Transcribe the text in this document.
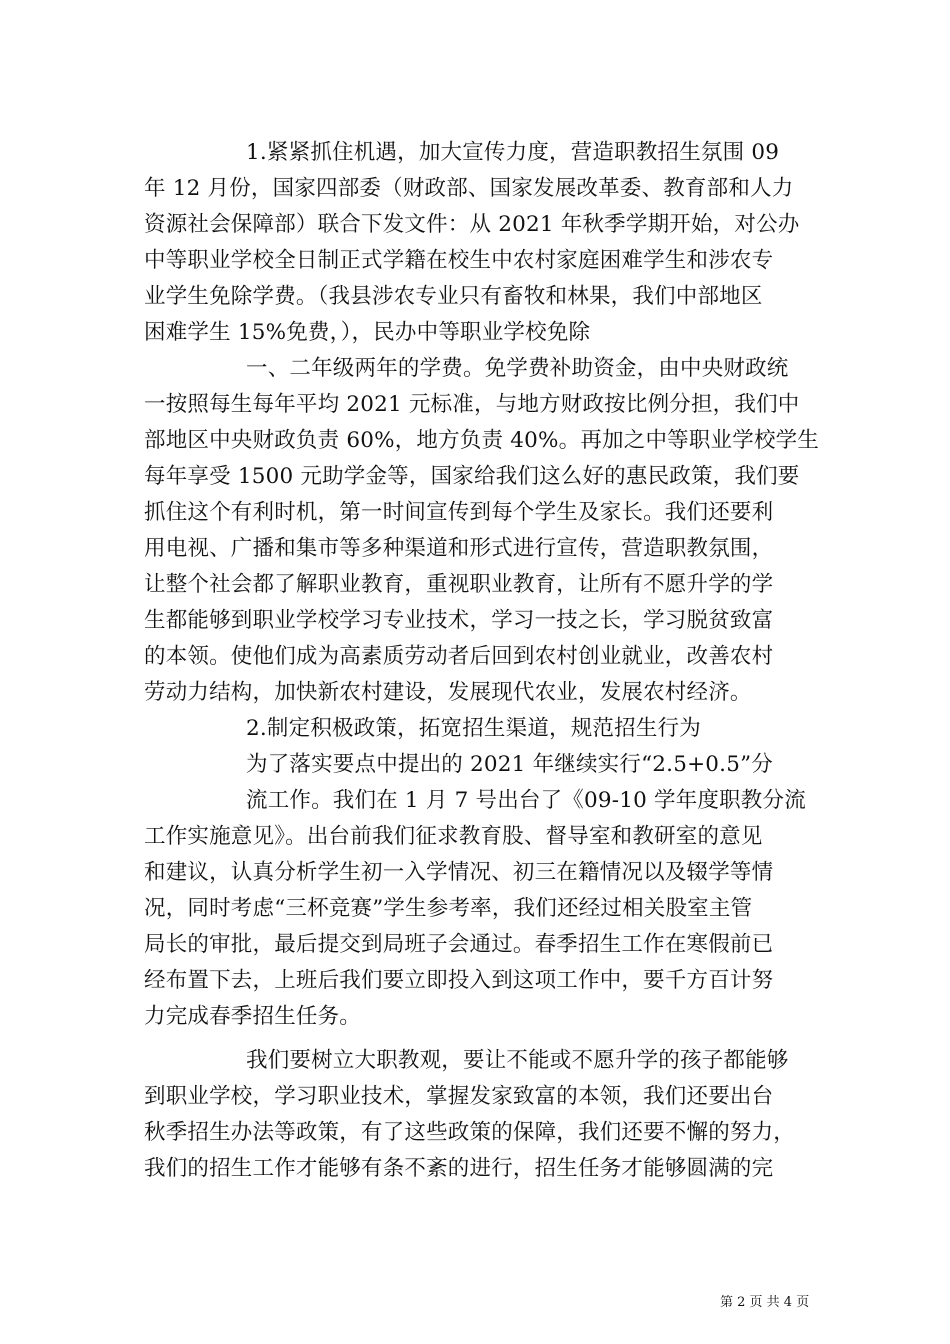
1.紧紧抓住机遇，加大宣传力度，营造职教招生氛围 09
年 12 月份，国家四部委（财政部、国家发展改革委、教育部和人力
资源社会保障部）联合下发文件：从 2021 年秋季学期开始，对公办
中等职业学校全日制正式学籍在校生中农村家庭困难学生和涉农专
业学生免除学费。（我县涉农专业只有畜牧和林果，我们中部地区
困难学生 15%免费，），民办中等职业学校免除
一、二年级两年的学费。免学费补助资金，由中央财政统
一按照每生每年平均 2021 元标准，与地方财政按比例分担，我们中
部地区中央财政负责 60%，地方负责 40%。再加之中等职业学校学生
每年享受 1500 元助学金等，国家给我们这么好的惠民政策，我们要
抓住这个有利时机，第一时间宣传到每个学生及家长。我们还要利
用电视、广播和集市等多种渠道和形式进行宣传，营造职教氛围，
让整个社会都了解职业教育，重视职业教育，让所有不愿升学的学
生都能够到职业学校学习专业技术，学习一技之长，学习脱贫致富
的本领。使他们成为高素质劳动者后回到农村创业就业，改善农村
劳动力结构，加快新农村建设，发展现代农业，发展农村经济。
2.制定积极政策，拓宽招生渠道，规范招生行为
为了落实要点中提出的 2021 年继续实行“2.5+0.5”分
流工作。我们在 1 月 7 号出台了《09-10 学年度职教分流
工作实施意见》。出台前我们征求教育股、督导室和教研室的意见
和建议，认真分析学生初一入学情况、初三在籍情况以及辍学等情
况，同时考虑“三杯竞赛”学生参考率，我们还经过相关股室主管
局长的审批，最后提交到局班子会通过。春季招生工作在寒假前已
经布置下去，上班后我们要立即投入到这项工作中，要千方百计努
力完成春季招生任务。
我们要树立大职教观，要让不能或不愿升学的孩子都能够
到职业学校，学习职业技术，掌握发家致富的本领，我们还要出台
秋季招生办法等政策，有了这些政策的保障，我们还要不懈的努力，
我们的招生工作才能够有条不紊的进行，招生任务才能够圆满的完
第 2 页 共 4 页
